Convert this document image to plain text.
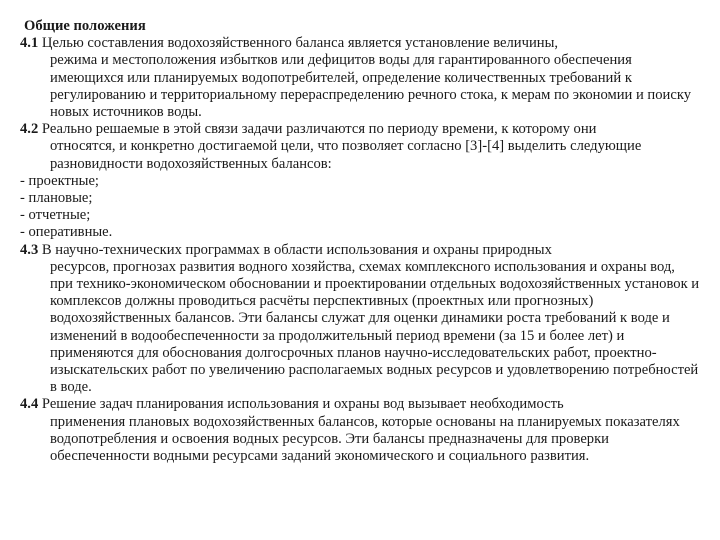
Общие положения
4.1 Целью составления водохозяйственного баланса является установление величины,
режима и местоположения избытков или дефицитов воды для гарантированного обеспечения имеющихся или планируемых водопотребителей, определение количественных требований к регулированию и территориальному перераспределению речного стока, к мерам по экономии и поиску новых источников воды.
4.2 Реально решаемые в этой связи задачи различаются по периоду времени, к которому они
относятся, и конкретно достигаемой цели, что позволяет согласно [3]-[4] выделить следующие разновидности водохозяйственных балансов:
- проектные;
- плановые;
- отчетные;
- оперативные.
4.3 В научно-технических программах в области использования и охраны природных
ресурсов, прогнозах развития водного хозяйства, схемах комплексного использования и охраны вод, при технико-экономическом обосновании и проектировании отдельных водохозяйственных установок и комплексов должны проводиться расчёты перспективных (проектных или прогнозных) водохозяйственных балансов. Эти балансы служат для оценки динамики роста требований к воде и изменений в водообеспеченности за продолжительный период времени (за 15 и более лет) и применяются для обоснования долгосрочных планов научно-исследовательских работ, проектно-изыскательских работ по увеличению располагаемых водных ресурсов и удовлетворению потребностей в воде.
4.4 Решение задач планирования использования и охраны вод вызывает необходимость
применения плановых водохозяйственных балансов, которые основаны на планируемых показателях водопотребления и освоения водных ресурсов. Эти балансы предназначены для проверки обеспеченности водными ресурсами заданий экономического и социального развития.
